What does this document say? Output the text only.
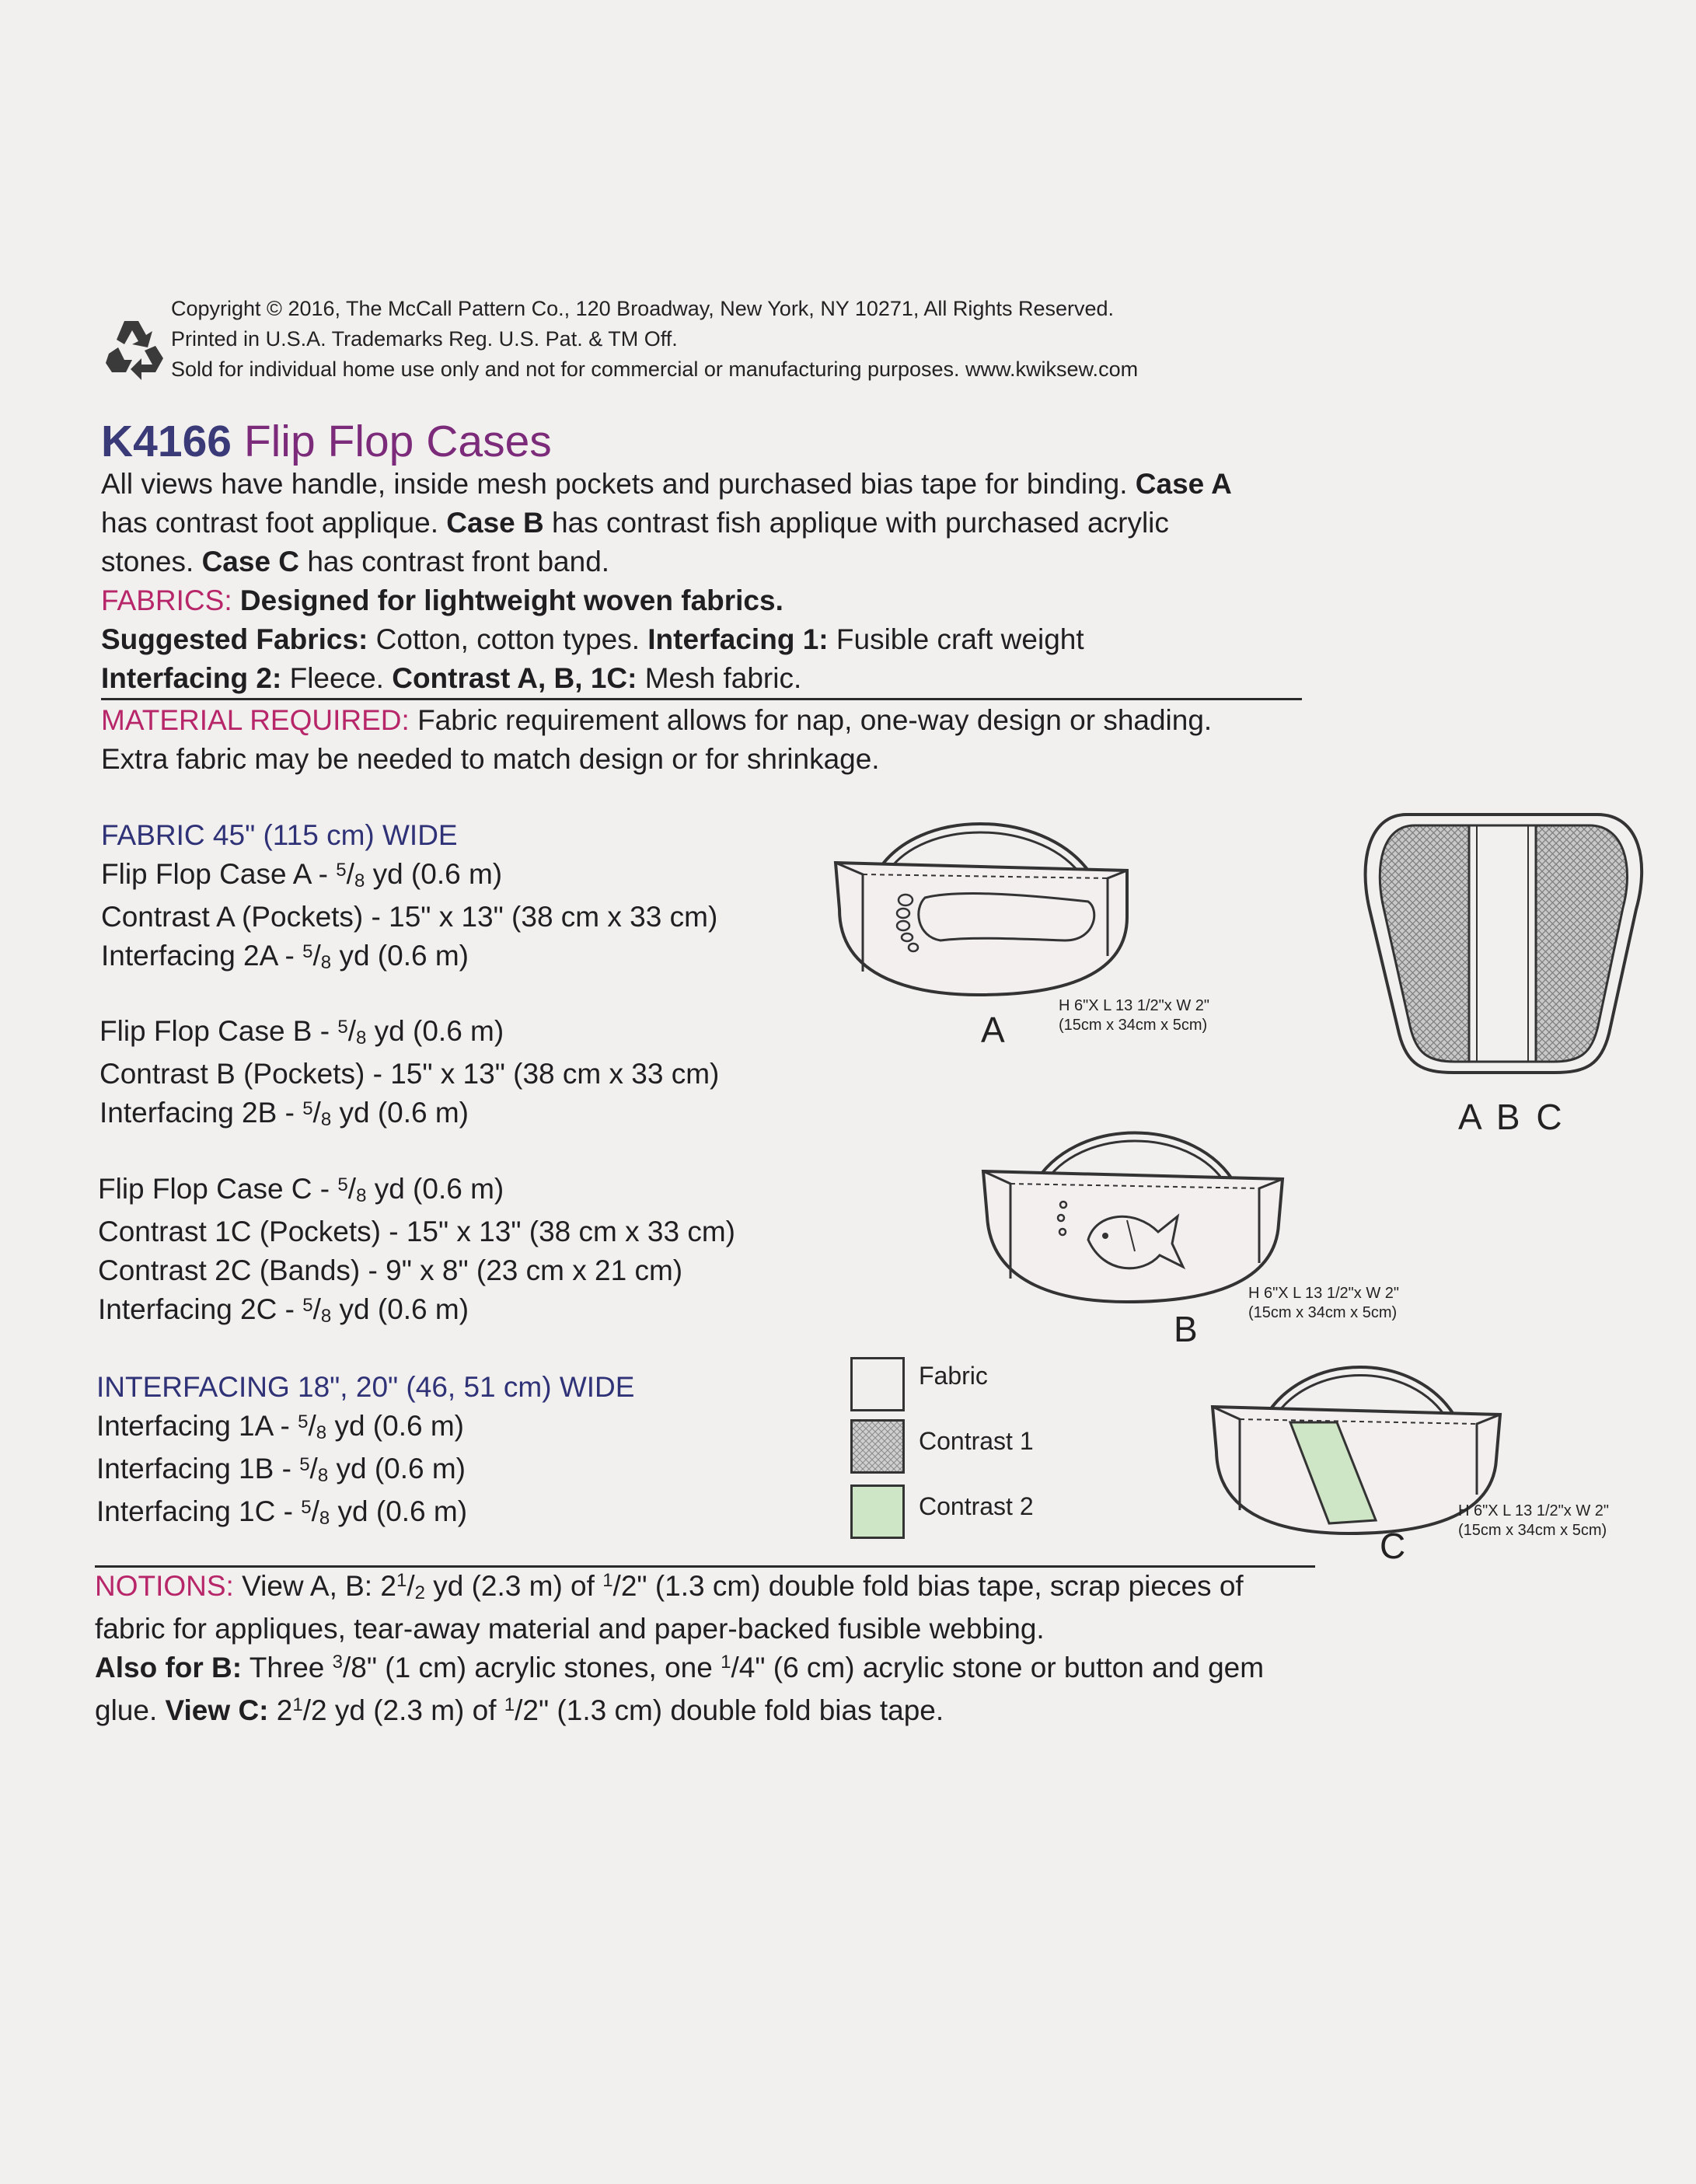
Copyright © 2016, The McCall Pattern Co., 120 Broadway, New York, NY 10271, All Rights Reserved.
Printed in U.S.A. Trademarks Reg. U.S. Pat. & TM Off.
Sold for individual home use only and not for commercial or manufacturing purposes. www.kwiksew.com
K4166 Flip Flop Cases
All views have handle, inside mesh pockets and purchased bias tape for binding. Case A
has contrast foot applique. Case B has contrast fish applique with purchased acrylic
stones. Case C has contrast front band.
FABRICS: Designed for lightweight woven fabrics.
Suggested Fabrics: Cotton, cotton types. Interfacing 1: Fusible craft weight
Interfacing 2: Fleece. Contrast A, B, 1C: Mesh fabric.
MATERIAL REQUIRED: Fabric requirement allows for nap, one-way design or shading.
Extra fabric may be needed to match design or for shrinkage.
FABRIC 45" (115 cm) WIDE
Flip Flop Case A - $^5$/8 yd (0.6 m)
Contrast A (Pockets) - 15" x 13" (38 cm x 33 cm)
Interfacing 2A - $^5$/8 yd (0.6 m)
Flip Flop Case B - $^5$/8 yd (0.6 m)
Contrast B (Pockets) - 15" x 13" (38 cm x 33 cm)
Interfacing 2B - $^5$/8 yd (0.6 m)
Flip Flop Case C - $^5$/8 yd (0.6 m)
Contrast 1C (Pockets) - 15" x 13" (38 cm x 33 cm)
Contrast 2C (Bands) - 9" x 8" (23 cm x 21 cm)
Interfacing 2C - $^5$/8 yd (0.6 m)
INTERFACING 18", 20" (46, 51 cm) WIDE
Interfacing 1A - $^5$/8 yd (0.6 m)
Interfacing 1B - $^5$/8 yd (0.6 m)
Interfacing 1C - $^5$/8 yd (0.6 m)
Fabric
Contrast 1
Contrast 2
A
H 6"X L 13 1/2"x W 2"
(15cm x 34cm x 5cm)
A B C
B
H 6"X L 13 1/2"x W 2"
(15cm x 34cm x 5cm)
C
H 6"X L 13 1/2"x W 2"
(15cm x 34cm x 5cm)
NOTIONS: View A, B: $2^1/2$ yd (2.3 m) of $^1$/2" (1.3 cm) double fold bias tape, scrap pieces of
fabric for appliques, tear-away material and paper-backed fusible webbing.
Also for B: Three $^3$/8" (1 cm) acrylic stones, one $^1$/4" (6 cm) acrylic stone or button and gem
glue. View C: $2^1/2$ yd (2.3 m) of $^1$/2" (1.3 cm) double fold bias tape.
